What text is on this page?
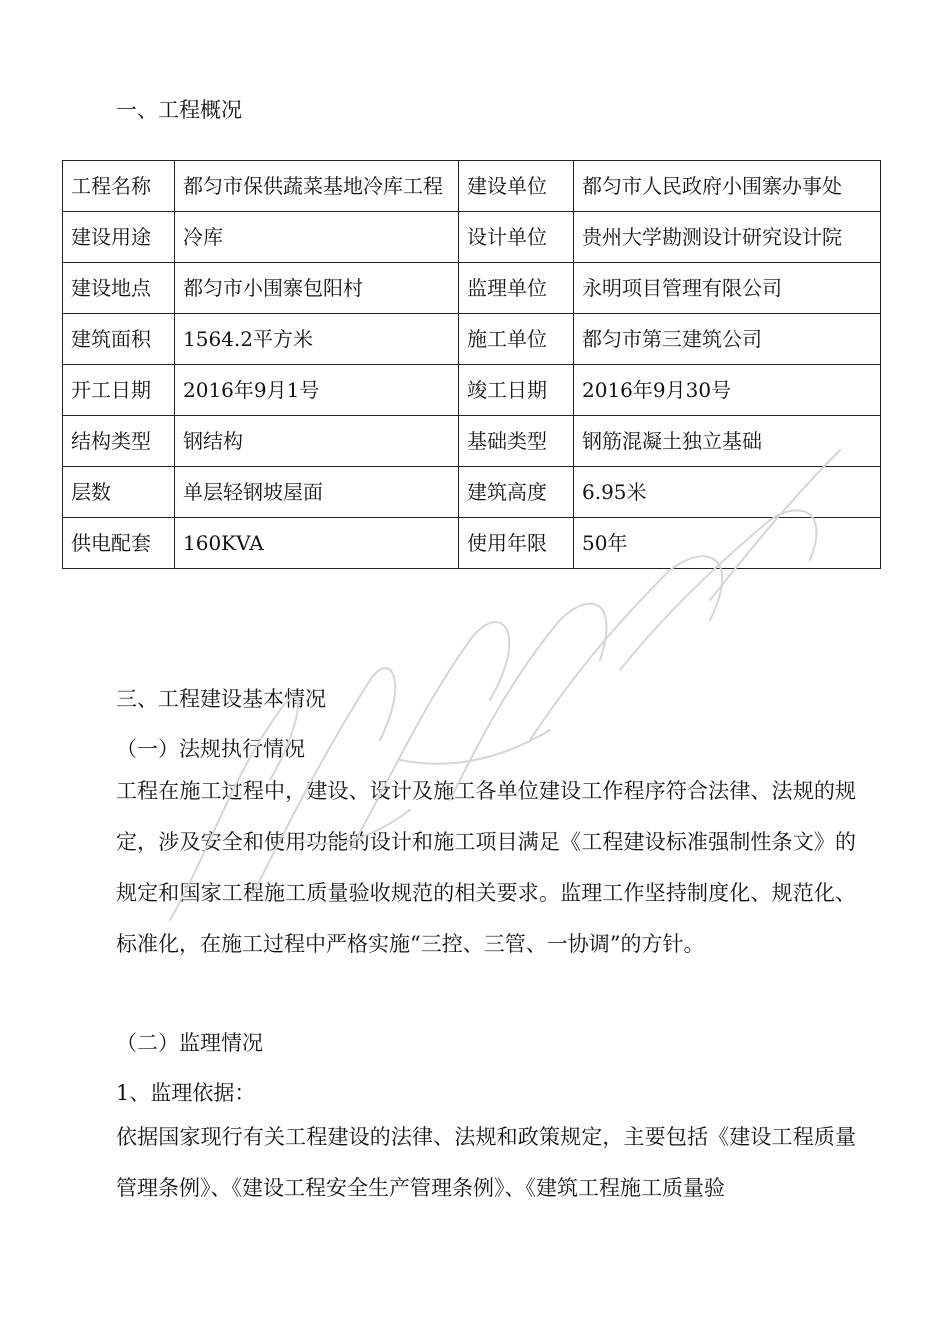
一、工程概况
工程名称	都匀市保供蔬菜基地冷库工程	建设单位	都匀市人民政府小围寨办事处
建设用途	冷库	设计单位	贵州大学勘测设计研究设计院
建设地点	都匀市小围寨包阳村	监理单位	永明项目管理有限公司
建筑面积	1564.2平方米	施工单位	都匀市第三建筑公司
开工日期	2016年9月1号	竣工日期	2016年9月30号
结构类型	钢结构	基础类型	钢筋混凝土独立基础
层数	单层轻钢坡屋面	建筑高度	6.95米
供电配套	160KVA	使用年限	50年
三、工程建设基本情况
（一）法规执行情况
工程在施工过程中，建设、设计及施工各单位建设工作程序符合法律、法规的规定，涉及安全和使用功能的设计和施工项目满足《工程建设标准强制性条文》的规定和国家工程施工质量验收规范的相关要求。监理工作坚持制度化、规范化、标准化，在施工过程中严格实施“三控、三管、一协调”的方针。
（二）监理情况
1、监理依据：
依据国家现行有关工程建设的法律、法规和政策规定，主要包括《建设工程质量管理条例》、《建设工程安全生产管理条例》、《建筑工程施工质量验
